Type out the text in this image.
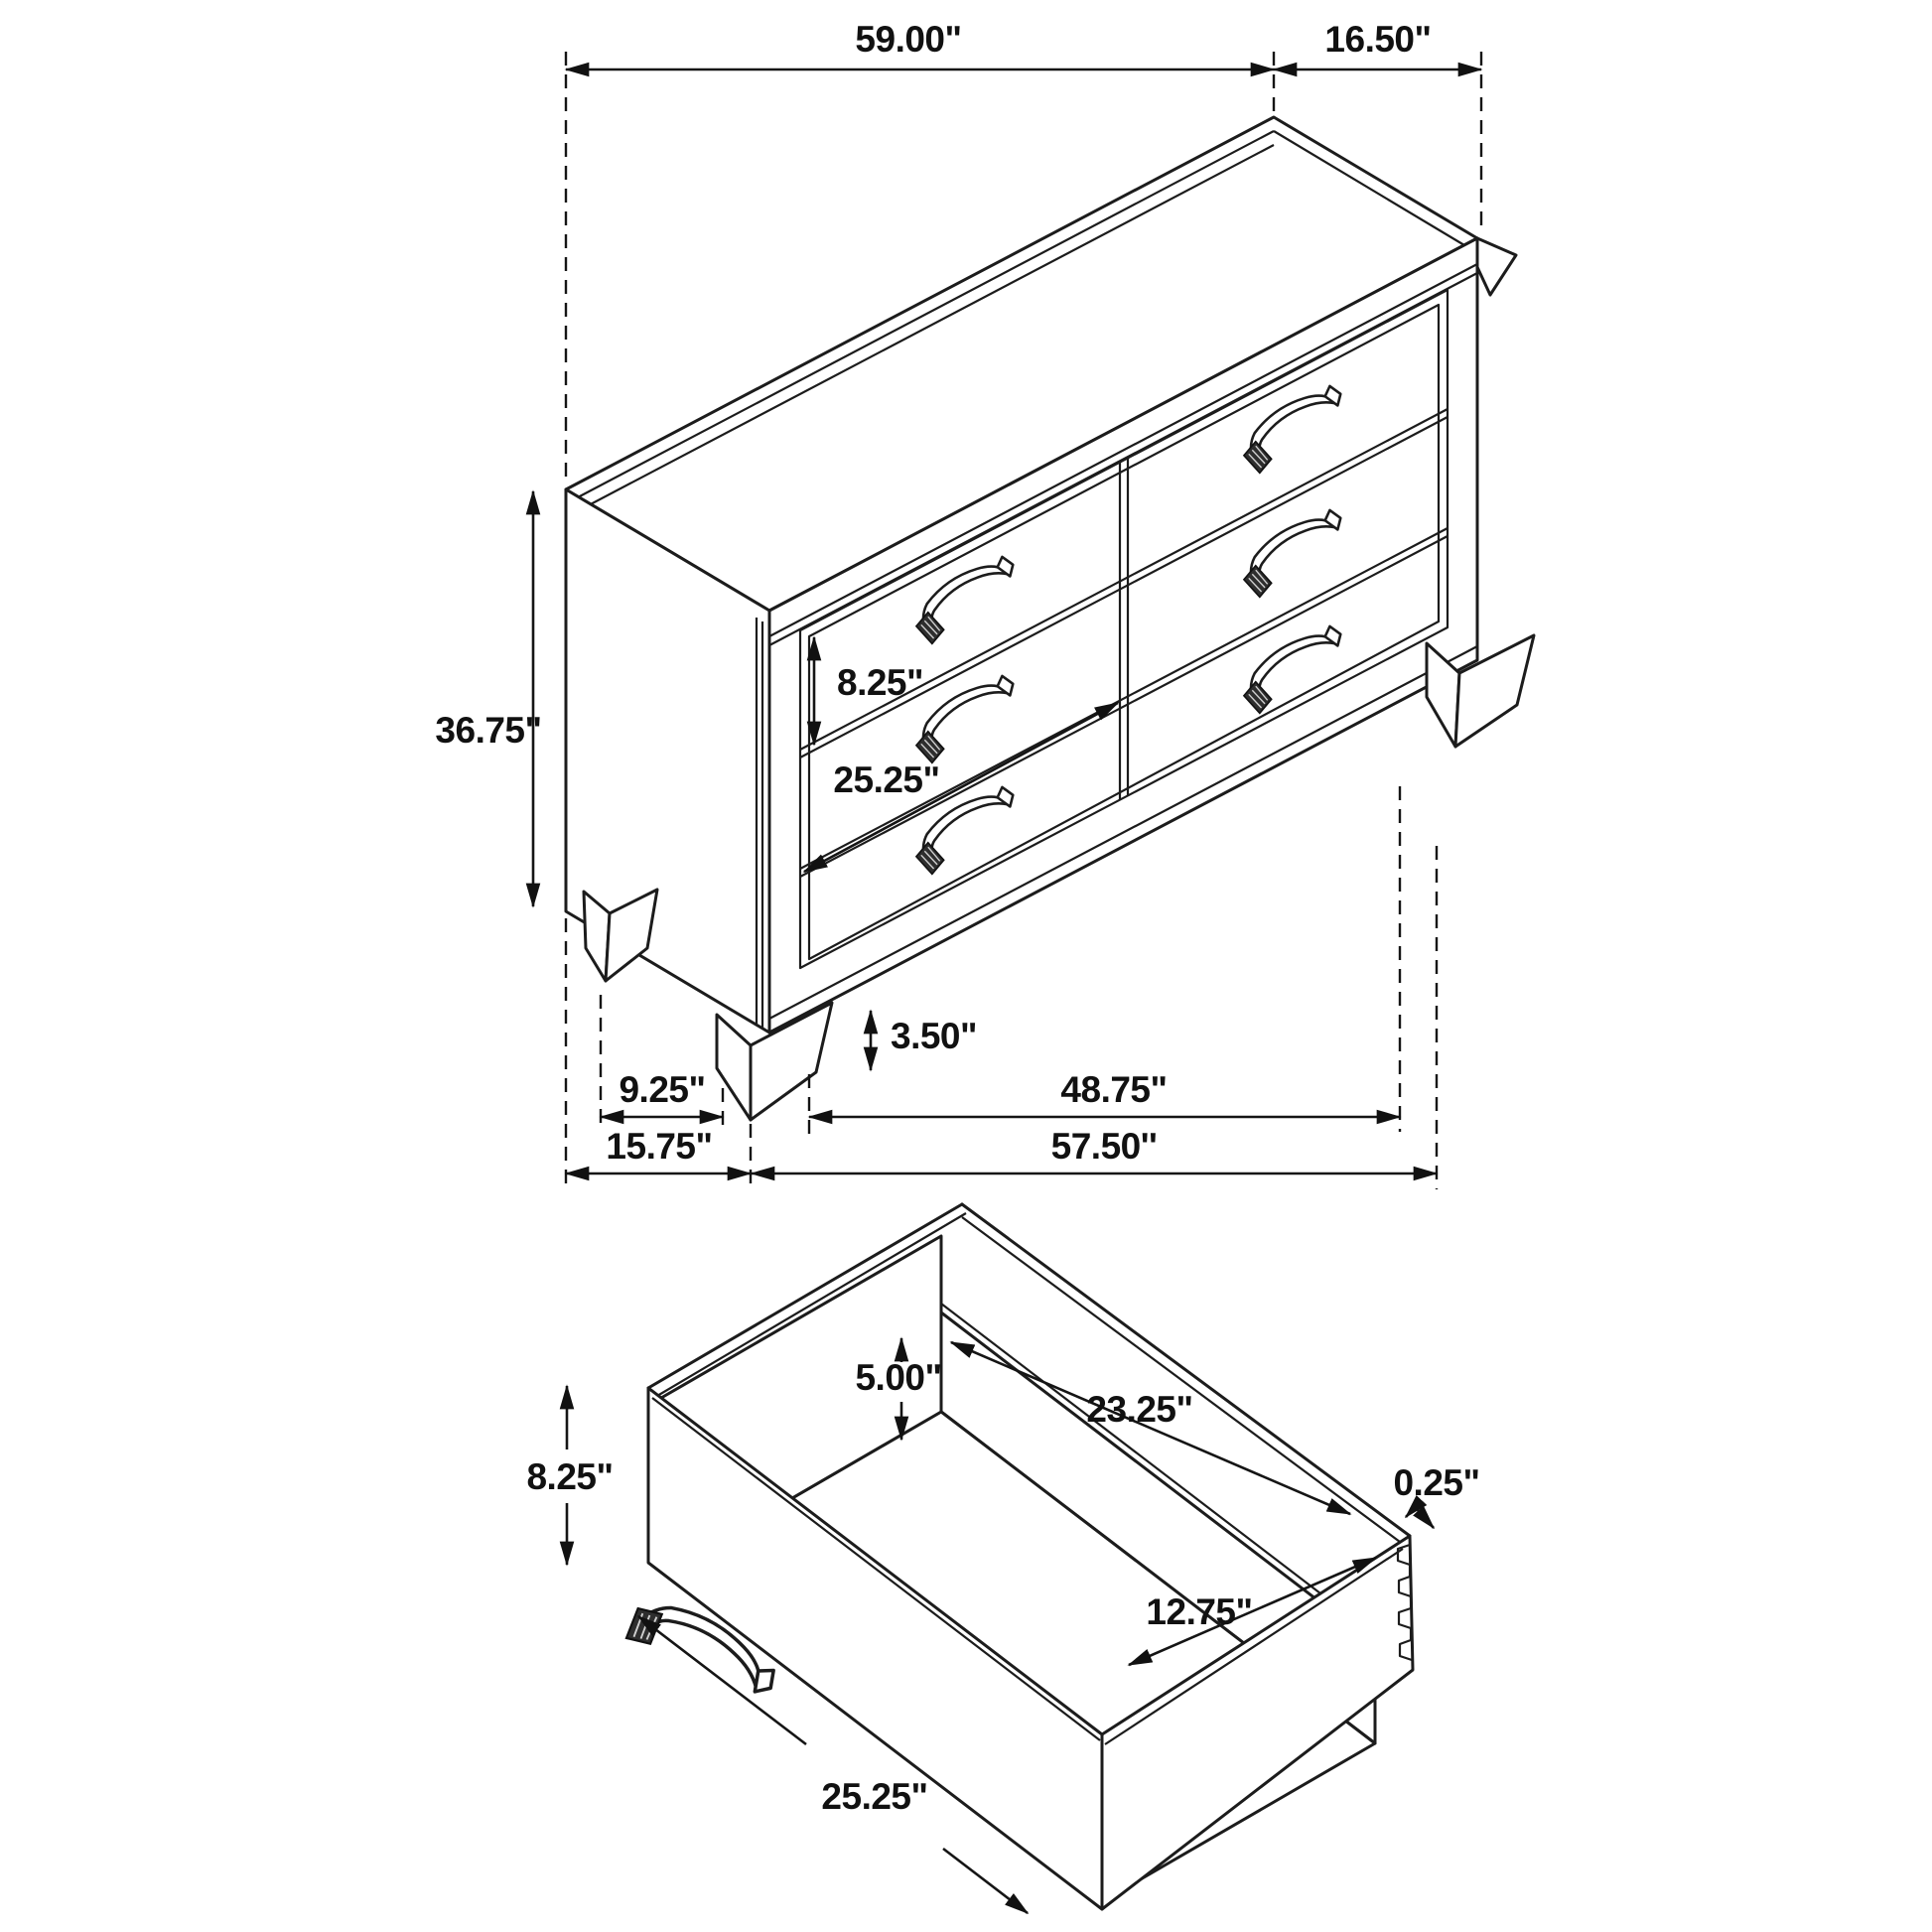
59.00"	16.50"
36.75"
8.25"
25.25"
3.50"
9.25"	48.75"
15.75"	57.50''
8.25"
5.00"
23.25"
12.75"
0.25"
25.25"
